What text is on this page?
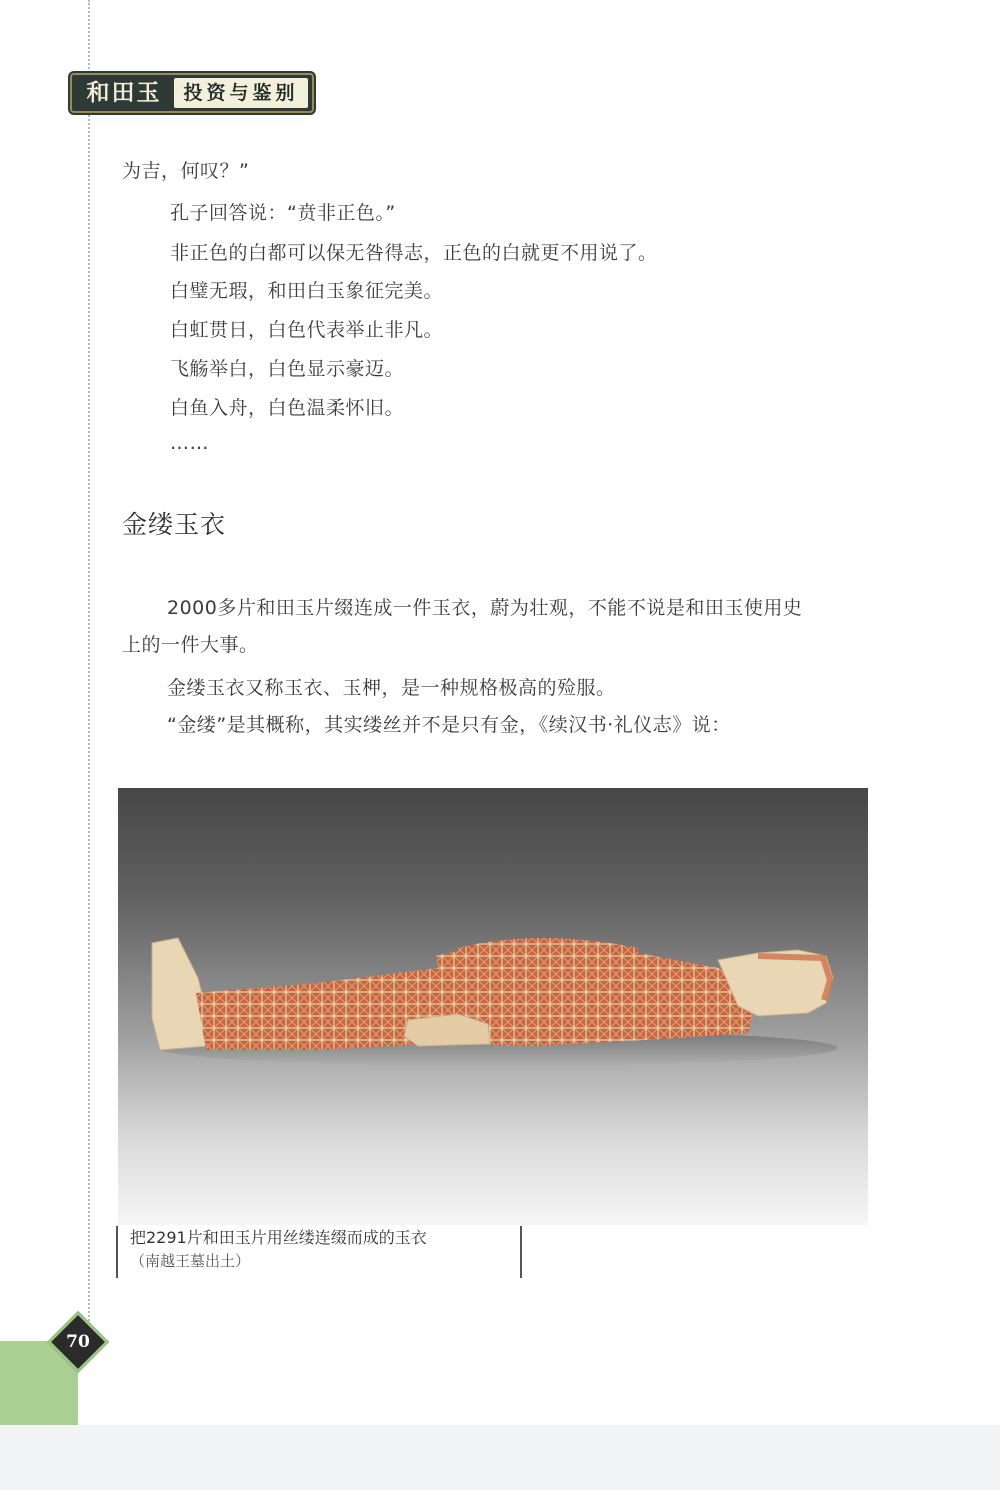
和田玉	投资与鉴别

为吉，何叹？”

孔子回答说：“贲非正色。”

非正色的白都可以保无咎得志，正色的白就更不用说了。

白璧无瑕，和田白玉象征完美。

白虹贯日，白色代表举止非凡。

飞觞举白，白色显示豪迈。

白鱼入舟，白色温柔怀旧。

……

金缕玉衣

2000多片和田玉片缀连成一件玉衣，蔚为壮观，不能不说是和田玉使用史

上的一件大事。

金缕玉衣又称玉衣、玉柙，是一种规格极高的殓服。

“金缕”是其概称，其实缕丝并不是只有金，《续汉书·礼仪志》说：

把2291片和田玉片用丝缕连缀而成的玉衣

（南越王墓出土）

70
